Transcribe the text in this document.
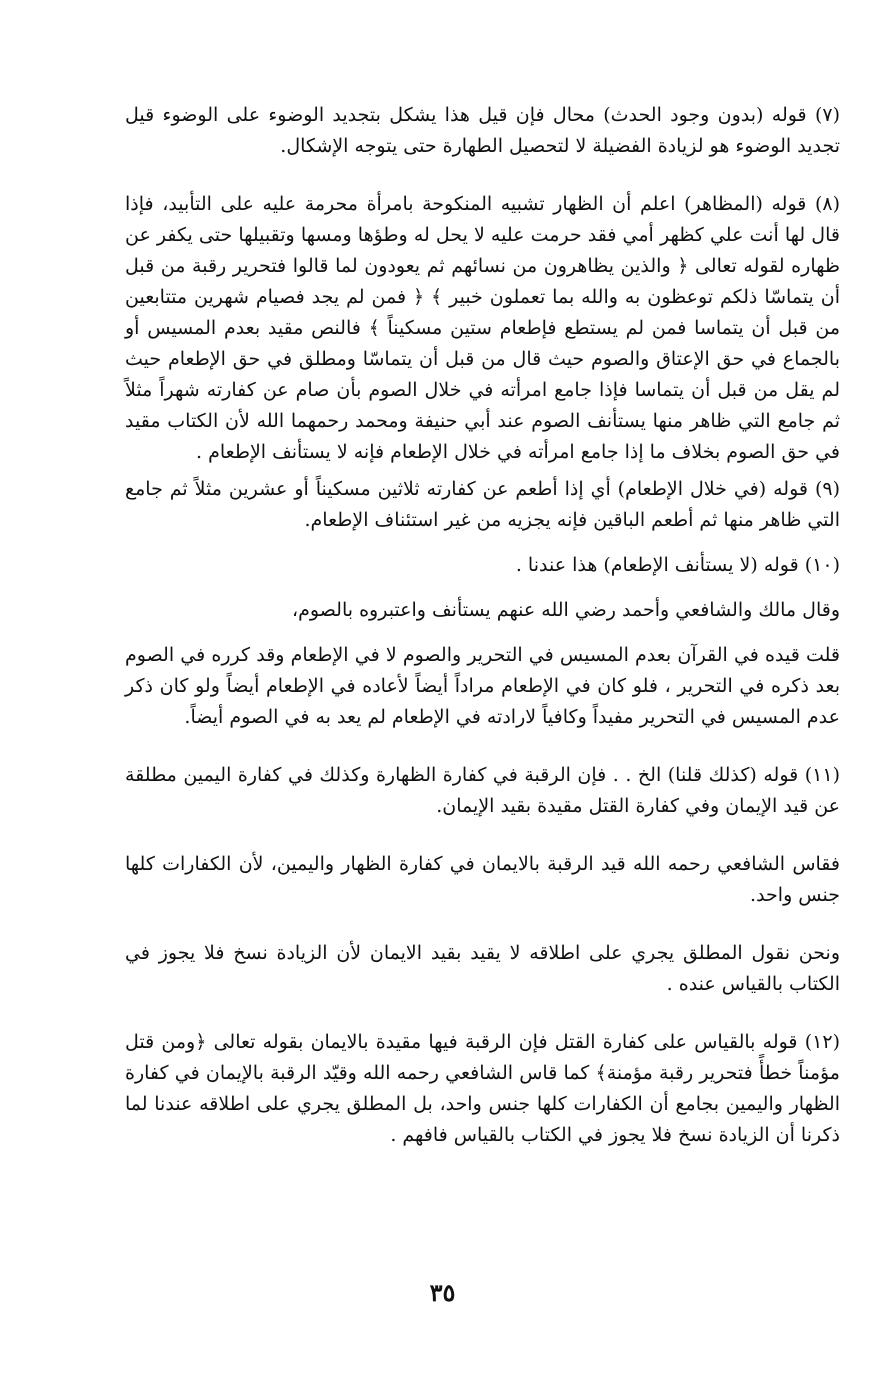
(٧) قوله (بدون وجود الحدث) محال فإن قيل هذا يشكل بتجديد الوضوء على الوضوء قيل تجديد الوضوء هو لزيادة الفضيلة لا لتحصيل الطهارة حتى يتوجه الإشكال.

(٨) قوله (المظاهر) اعلم أن الظهار تشبيه المنكوحة بامرأة محرمة عليه على التأبيد، فإذا قال لها أنت علي كظهر أمي فقد حرمت عليه لا يحل له وطؤها ومسها وتقبيلها حتى يكفر عن ظهاره لقوله تعالى ﴿ والذين يظاهرون من نسائهم ثم يعودون لما قالوا فتحرير رقبة من قبل أن يتماسّا ذلكم توعظون به والله بما تعملون خبير ﴾ ﴿ فمن لم يجد فصيام شهرين متتابعين من قبل أن يتماسا فمن لم يستطع فإطعام ستين مسكيناً ﴾ فالنص مقيد بعدم المسيس أو بالجماع في حق الإعتاق والصوم حيث قال من قبل أن يتماسّا ومطلق في حق الإطعام حيث لم يقل من قبل أن يتماسا فإذا جامع امرأته في خلال الصوم بأن صام عن كفارته شهراً مثلاً ثم جامع التي ظاهر منها يستأنف الصوم عند أبي حنيفة ومحمد رحمهما الله لأن الكتاب مقيد في حق الصوم بخلاف ما إذا جامع امرأته في خلال الإطعام فإنه لا يستأنف الإطعام .

(٩) قوله (في خلال الإطعام) أي إذا أطعم عن كفارته ثلاثين مسكيناً أو عشرين مثلاً ثم جامع التي ظاهر منها ثم أطعم الباقين فإنه يجزيه من غير استئناف الإطعام.

(١٠) قوله (لا يستأنف الإطعام) هذا عندنا .

وقال مالك والشافعي وأحمد رضي الله عنهم يستأنف واعتبروه بالصوم،

قلت قيده في القرآن بعدم المسيس في التحرير والصوم لا في الإطعام وقد كرره في الصوم بعد ذكره في التحرير ، فلو كان في الإطعام مراداً أيضاً لأعاده في الإطعام أيضاً ولو كان ذكر عدم المسيس في التحرير مفيداً وكافياً لارادته في الإطعام لم يعد به في الصوم أيضاً.

(١١) قوله (كذلك قلنا) الخ . . فإن الرقبة في كفارة الظهارة وكذلك في كفارة اليمين مطلقة عن قيد الإيمان وفي كفارة القتل مقيدة بقيد الإيمان.

فقاس الشافعي رحمه الله قيد الرقبة بالايمان في كفارة الظهار واليمين، لأن الكفارات كلها جنس واحد.

ونحن نقول المطلق يجري على اطلاقه لا يقيد بقيد الايمان لأن الزيادة نسخ فلا يجوز في الكتاب بالقياس عنده .

(١٢) قوله بالقياس على كفارة القتل فإن الرقبة فيها مقيدة بالايمان بقوله تعالى ﴿ومن قتل مؤمناً خطأً فتحرير رقبة مؤمنة﴾ كما قاس الشافعي رحمه الله وقيّد الرقبة بالإيمان في كفارة الظهار واليمين بجامع أن الكفارات كلها جنس واحد، بل المطلق يجري على اطلاقه عندنا لما ذكرنا أن الزيادة نسخ فلا يجوز في الكتاب بالقياس فافهم .

٣٥
